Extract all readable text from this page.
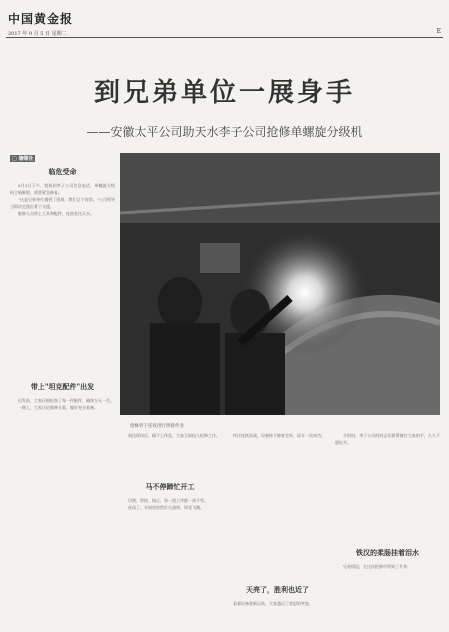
中国黄金报
2017 年 9 月 5 日 星期二	E
到兄弟单位一展身手
——安徽太平公司助天水李子公司抢修单螺旋分级机
□ 储继社
抢修骨干连夜进行焊接作业
临危受命

8月5日下午，我接到李子公司告急电话，单螺旋分级机主轴断裂，需要紧急修复。

"这是兄弟单位遇到了困难，我们义不容辞。"公司领导当即决定派出骨干支援。

维修人员带上工具和配件，连夜赶往天水。

带上"坦克配件"出发

出发前，大家仔细检查了每一件配件，确保万无一失。

一路上，大家讨论维修方案，做好充分准备。

到达现场后，顾不上休息，大家立即投入抢修工作。

马不停蹄忙开工

切割、焊接、校正，每一道工序都一丝不苟。

夜深了，车间里依然灯火通明，焊花飞溅。

经过连续奋战，设备终于修复完毕，试车一次成功。

天亮了，胜利也近了

看着设备重新运转，大家露出了欣慰的笑容。

分别时，李子公司的同志们紧紧握住大家的手，久久不愿松开。

铁汉的柔肠挂着泪水

兄弟情谊，在这次抢修中得到了升华。
